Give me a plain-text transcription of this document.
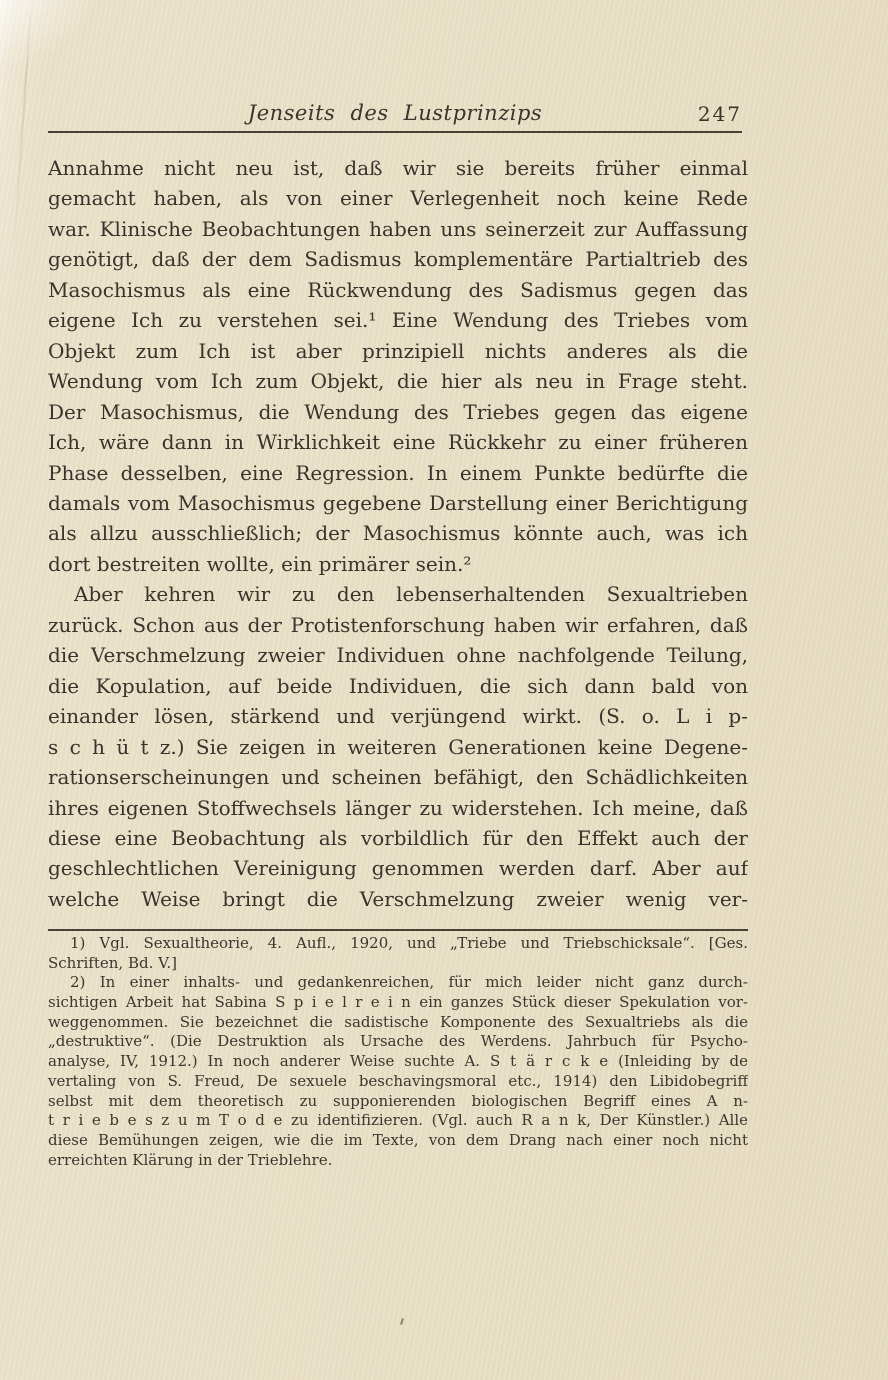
Jenseits des Lustprinzips	247
Annahme nicht neu ist, daß wir sie bereits früher einmal
gemacht haben, als von einer Verlegenheit noch keine Rede
war. Klinische Beobachtungen haben uns seinerzeit zur Auffassung
genötigt, daß der dem Sadismus komplementäre Partialtrieb des
Masochismus als eine Rückwendung des Sadismus gegen das
eigene Ich zu verstehen sei.¹ Eine Wendung des Triebes vom
Objekt zum Ich ist aber prinzipiell nichts anderes als die
Wendung vom Ich zum Objekt, die hier als neu in Frage steht.
Der Masochismus, die Wendung des Triebes gegen das eigene
Ich, wäre dann in Wirklichkeit eine Rückkehr zu einer früheren
Phase desselben, eine Regression. In einem Punkte bedürfte die
damals vom Masochismus gegebene Darstellung einer Berichtigung
als allzu ausschließlich; der Masochismus könnte auch, was ich
dort bestreiten wollte, ein primärer sein.²
Aber kehren wir zu den lebenserhaltenden Sexualtrieben
zurück. Schon aus der Protistenforschung haben wir erfahren, daß
die Verschmelzung zweier Individuen ohne nachfolgende Teilung,
die Kopulation, auf beide Individuen, die sich dann bald von
einander lösen, stärkend und verjüngend wirkt. (S. o. L i p-
s c h ü t z.) Sie zeigen in weiteren Generationen keine Degene-
rationserscheinungen und scheinen befähigt, den Schädlichkeiten
ihres eigenen Stoffwechsels länger zu widerstehen. Ich meine, daß
diese eine Beobachtung als vorbildlich für den Effekt auch der
geschlechtlichen Vereinigung genommen werden darf. Aber auf
welche Weise bringt die Verschmelzung zweier wenig ver-
1) Vgl. Sexualtheorie, 4. Aufl., 1920, und „Triebe und Triebschicksale“. [Ges.
Schriften, Bd. V.]
2) In einer inhalts- und gedankenreichen, für mich leider nicht ganz durch-
sichtigen Arbeit hat Sabina S p i e l r e i n ein ganzes Stück dieser Spekulation vor-
weggenommen. Sie bezeichnet die sadistische Komponente des Sexualtriebs als die
„destruktive“. (Die Destruktion als Ursache des Werdens. Jahrbuch für Psycho-
analyse, IV, 1912.) In noch anderer Weise suchte A. S t ä r c k e (Inleiding by de
vertaling von S. Freud, De sexuele beschavingsmoral etc., 1914) den Libidobegriff
selbst mit dem theoretisch zu supponierenden biologischen Begriff eines A n-
t r i e b e s z u m T o d e zu identifizieren. (Vgl. auch R a n k, Der Künstler.) Alle
diese Bemühungen zeigen, wie die im Texte, von dem Drang nach einer noch nicht
erreichten Klärung in der Trieblehre.
